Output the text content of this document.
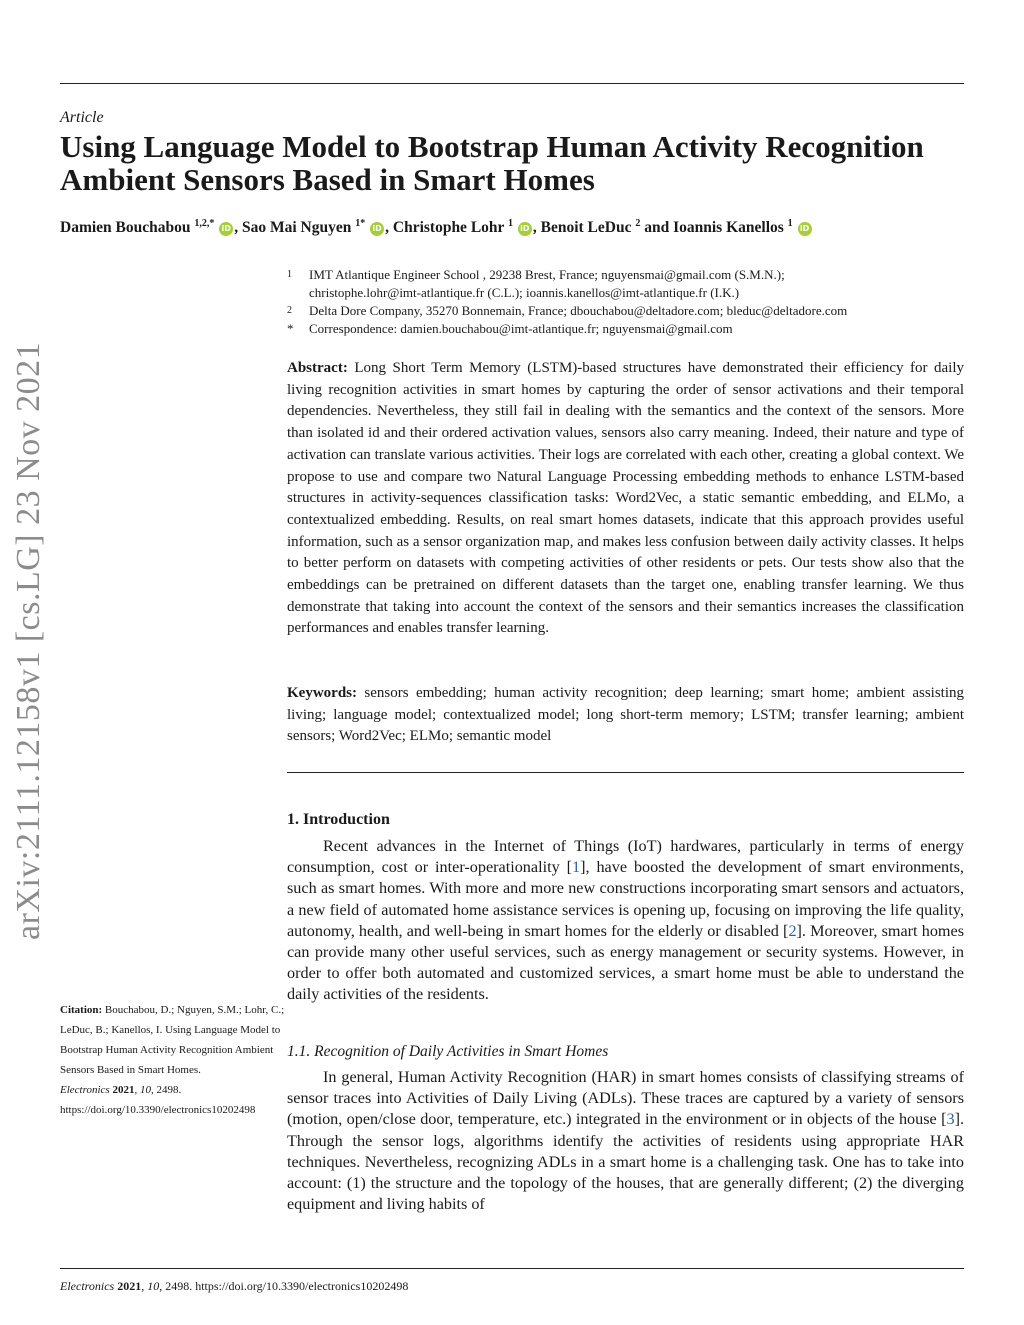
Article
Using Language Model to Bootstrap Human Activity Recognition Ambient Sensors Based in Smart Homes
Damien Bouchabou $^{1,2,*}$ iD , Sao Mai Nguyen $^{1*}$ iD , Christophe Lohr $^1$ iD , Benoit LeDuc $^2$ and Ioannis Kanellos $^1$ iD
1 IMT Atlantique Engineer School , 29238 Brest, France; nguyensmai@gmail.com (S.M.N.);
christophe.lohr@imt-atlantique.fr (C.L.); ioannis.kanellos@imt-atlantique.fr (I.K.)
2 Delta Dore Company, 35270 Bonnemain, France; dbouchabou@deltadore.com; bleduc@deltadore.com
* Correspondence: damien.bouchabou@imt-atlantique.fr; nguyensmai@gmail.com
Abstract: Long Short Term Memory (LSTM)-based structures have demonstrated their efficiency for daily living recognition activities in smart homes by capturing the order of sensor activations and their temporal dependencies. Nevertheless, they still fail in dealing with the semantics and the context of the sensors. More than isolated id and their ordered activation values, sensors also carry meaning. Indeed, their nature and type of activation can translate various activities. Their logs are correlated with each other, creating a global context. We propose to use and compare two Natural Language Processing embedding methods to enhance LSTM-based structures in activity-sequences classification tasks: Word2Vec, a static semantic embedding, and ELMo, a contextualized embedding. Results, on real smart homes datasets, indicate that this approach provides useful information, such as a sensor organization map, and makes less confusion between daily activity classes. It helps to better perform on datasets with competing activities of other residents or pets. Our tests show also that the embeddings can be pretrained on different datasets than the target one, enabling transfer learning. We thus demonstrate that taking into account the context of the sensors and their semantics increases the classification performances and enables transfer learning.
Keywords: sensors embedding; human activity recognition; deep learning; smart home; ambient assisting living; language model; contextualized model; long short-term memory; LSTM; transfer learning; ambient sensors; Word2Vec; ELMo; semantic model
1. Introduction
Recent advances in the Internet of Things (IoT) hardwares, particularly in terms of energy consumption, cost or inter-operationality [1], have boosted the development of smart environments, such as smart homes. With more and more new constructions incorporating smart sensors and actuators, a new field of automated home assistance services is opening up, focusing on improving the life quality, autonomy, health, and well-being in smart homes for the elderly or disabled [2]. Moreover, smart homes can provide many other useful services, such as energy management or security systems. However, in order to offer both automated and customized services, a smart home must be able to understand the daily activities of the residents.
1.1. Recognition of Daily Activities in Smart Homes
In general, Human Activity Recognition (HAR) in smart homes consists of classifying streams of sensor traces into Activities of Daily Living (ADLs). These traces are captured by a variety of sensors (motion, open/close door, temperature, etc.) integrated in the environment or in objects of the house [3]. Through the sensor logs, algorithms identify the activities of residents using appropriate HAR techniques. Nevertheless, recognizing ADLs in a smart home is a challenging task. One has to take into account: (1) the structure and the topology of the houses, that are generally different; (2) the diverging equipment and living habits of
arXiv:2111.12158v1 [cs.LG] 23 Nov 2021
Citation: Bouchabou, D.; Nguyen, S.M.; Lohr, C.; LeDuc, B.; Kanellos, I. Using Language Model to Bootstrap Human Activity Recognition Ambient Sensors Based in Smart Homes.
Electronics 2021, 10, 2498.
https://doi.org/10.3390/electronics10202498
Electronics 2021, 10, 2498. https://doi.org/10.3390/electronics10202498
